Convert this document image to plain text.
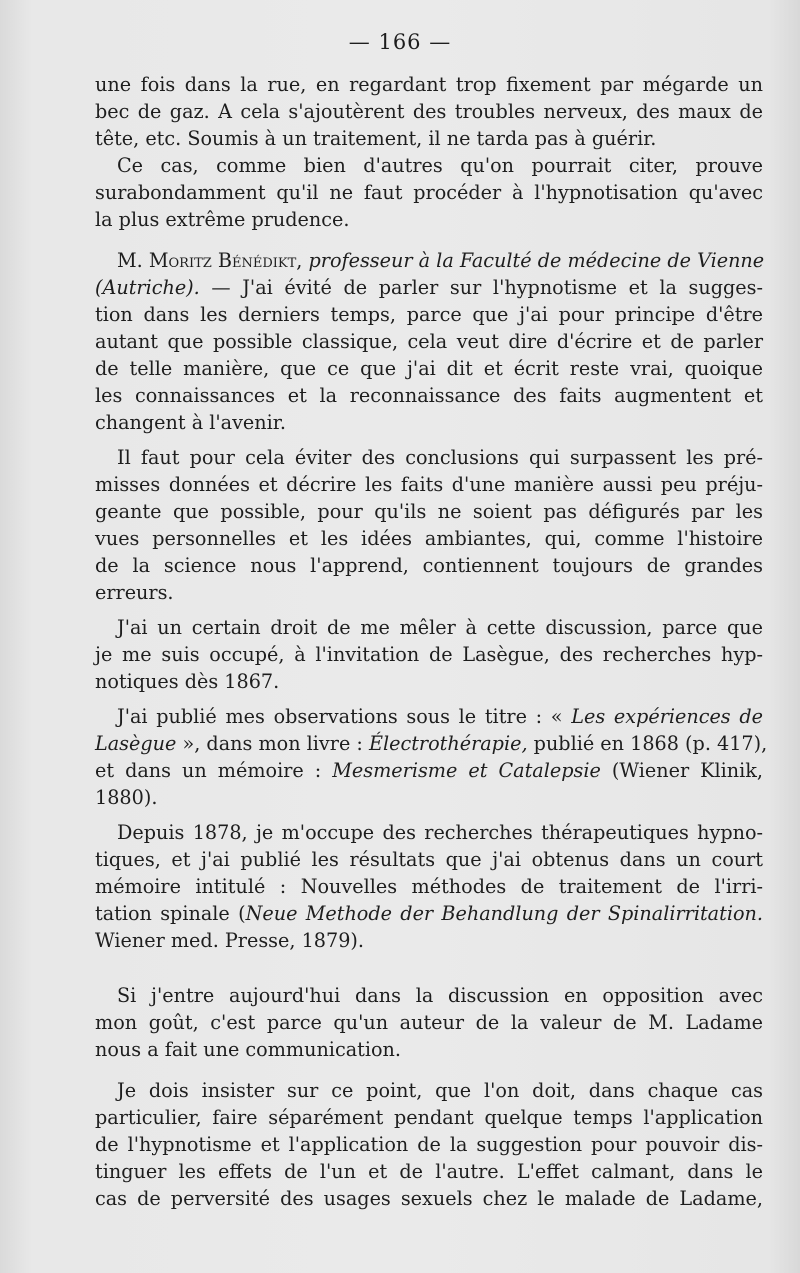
— 166 —
une fois dans la rue, en regardant trop fixement par mégarde un
bec de gaz. A cela s'ajoutèrent des troubles nerveux, des maux de
tête, etc. Soumis à un traitement, il ne tarda pas à guérir.
Ce cas, comme bien d'autres qu'on pourrait citer, prouve
surabondamment qu'il ne faut procéder à l'hypnotisation qu'avec
la plus extrême prudence.
M. Moritz Bénédikt, professeur à la Faculté de médecine de Vienne
(Autriche). — J'ai évité de parler sur l'hypnotisme et la sugges-
tion dans les derniers temps, parce que j'ai pour principe d'être
autant que possible classique, cela veut dire d'écrire et de parler
de telle manière, que ce que j'ai dit et écrit reste vrai, quoique
les connaissances et la reconnaissance des faits augmentent et
changent à l'avenir.
Il faut pour cela éviter des conclusions qui surpassent les pré-
misses données et décrire les faits d'une manière aussi peu préju-
geante que possible, pour qu'ils ne soient pas défigurés par les
vues personnelles et les idées ambiantes, qui, comme l'histoire
de la science nous l'apprend, contiennent toujours de grandes
erreurs.
J'ai un certain droit de me mêler à cette discussion, parce que
je me suis occupé, à l'invitation de Lasègue, des recherches hyp-
notiques dès 1867.
J'ai publié mes observations sous le titre : « Les expériences de
Lasègue », dans mon livre : Électrothérapie, publié en 1868 (p. 417),
et dans un mémoire : Mesmerisme et Catalepsie (Wiener Klinik,
1880).
Depuis 1878, je m'occupe des recherches thérapeutiques hypno-
tiques, et j'ai publié les résultats que j'ai obtenus dans un court
mémoire intitulé : Nouvelles méthodes de traitement de l'irri-
tation spinale (Neue Methode der Behandlung der Spinalirritation.
Wiener med. Presse, 1879).
Si j'entre aujourd'hui dans la discussion en opposition avec
mon goût, c'est parce qu'un auteur de la valeur de M. Ladame
nous a fait une communication.
Je dois insister sur ce point, que l'on doit, dans chaque cas
particulier, faire séparément pendant quelque temps l'application
de l'hypnotisme et l'application de la suggestion pour pouvoir dis-
tinguer les effets de l'un et de l'autre. L'effet calmant, dans le
cas de perversité des usages sexuels chez le malade de Ladame,
